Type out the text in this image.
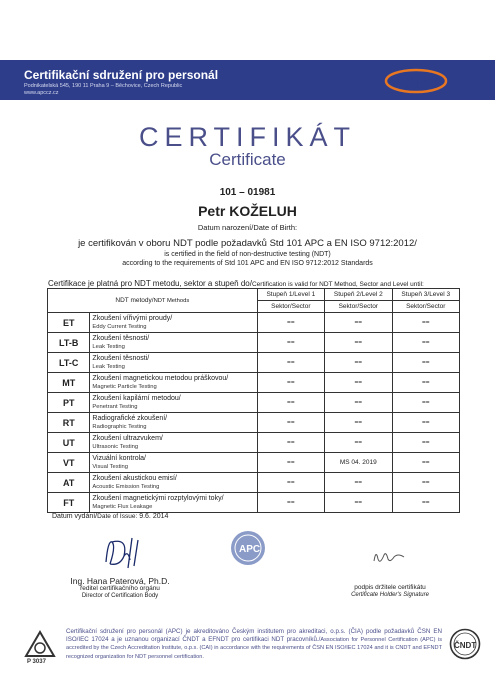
Certifikační sdružení pro personál
Podnikatelská 545, 190 11 Praha 9 – Běchovice, Czech Republic
www.apccz.cz
APC
CERTIFIKÁT
Certificate
101 – 01981
Petr KOŽELUH
Datum narození/Date of Birth:
je certifikován v oboru NDT podle požadavků Std 101 APC a EN ISO 9712:2012/
is certified in the field of non-destructive testing (NDT)
according to the requirements of Std 101 APC and EN ISO 9712:2012 Standards
Certifikace je platná pro NDT metodu, sektor a stupeň do/Certification is valid for NDT Method, Sector and Level until:
NDT metody/NDT Methods		Stupeň 1/Level 1	Stupeň 2/Level 2	Stupeň 3/Level 3
		Sektor/Sector	Sektor/Sector	Sektor/Sector
ET	Zkoušení vířivými proudy/
Eddy Current Testing	==	==	==
LT-B	Zkoušení těsnosti/
Leak Testing	==	==	==
LT-C	Zkoušení těsnosti/
Leak Testing	==	==	==
MT	Zkoušení magnetickou metodou práškovou/
Magnetic Particle Testing	==	==	==
PT	Zkoušení kapilární metodou/
Penetrant Testing	==	==	==
RT	Radiografické zkoušení/
Radiographic Testing	==	==	==
UT	Zkoušení ultrazvukem/
Ultrasonic Testing	==	==	==
VT	Vizuální kontrola/
Visual Testing	==	MS 04. 2019	==
AT	Zkoušení akustickou emisí/
Acoustic Emission Testing	==	==	==
FT	Zkoušení magnetickými rozptylovými toky/
Magnetic Flux Leakage	==	==	==
Datum vydání/Date of Issue: 9.6. 2014
APC
Ing. Hana Paterová, Ph.D.
ředitel certifikačního orgánu
Director of Certification Body
podpis držitele certifikátu
Certificate Holder's Signature
P 3037
Certifikační sdružení pro personál (APC) je akreditováno Českým institutem pro akreditaci, o.p.s. (ČIA) podle požadavků ČSN EN ISO/IEC 17024 a je uznanou organizací ČNDT a EFNDT pro certifikaci NDT pracovníků./Association for Personnel Certification (APC) is accredited by the Czech Accreditation Institute, o.p.s. (CAI) in accordance with the requirements of ČSN EN ISO/IEC 17024 and it is CNDT and EFNDT recognized organization for NDT personnel certification.
ČNDT
